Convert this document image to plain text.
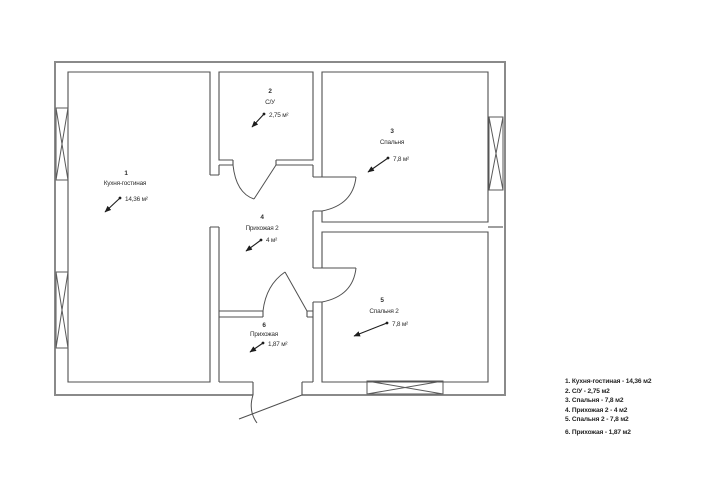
1
Кухня-гостиная
14,36 м²
2
С/У
2,75 м²
3
Спальня
7,8 м²
4
Прихожая 2
4 м²
5
Спальня 2
7,8 м²
6
Прихожая
1,87 м²
1. Кухня-гостиная - 14,36 м2
2. С/У - 2,75 м2
3. Спальня - 7,8 м2
4. Прихожая 2 - 4 м2
5. Спальня 2 - 7,8 м2
6. Прихожая - 1,87 м2
